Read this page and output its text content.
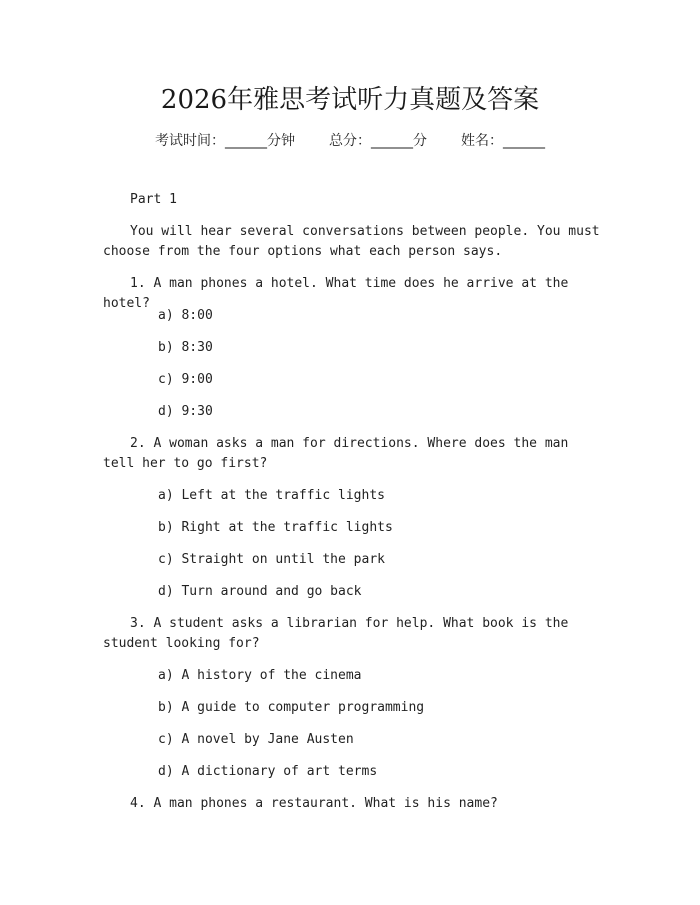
2026年雅思考试听力真题及答案
考试时间：______分钟 总分：______分 姓名：______
Part 1
You will hear several conversations between people. You must choose from the four options what each person says.
1. A man phones a hotel. What time does he arrive at the hotel?
a) 8:00
b) 8:30
c) 9:00
d) 9:30
2. A woman asks a man for directions. Where does the man tell her to go first?
a) Left at the traffic lights
b) Right at the traffic lights
c) Straight on until the park
d) Turn around and go back
3. A student asks a librarian for help. What book is the student looking for?
a) A history of the cinema
b) A guide to computer programming
c) A novel by Jane Austen
d) A dictionary of art terms
4. A man phones a restaurant. What is his name?
